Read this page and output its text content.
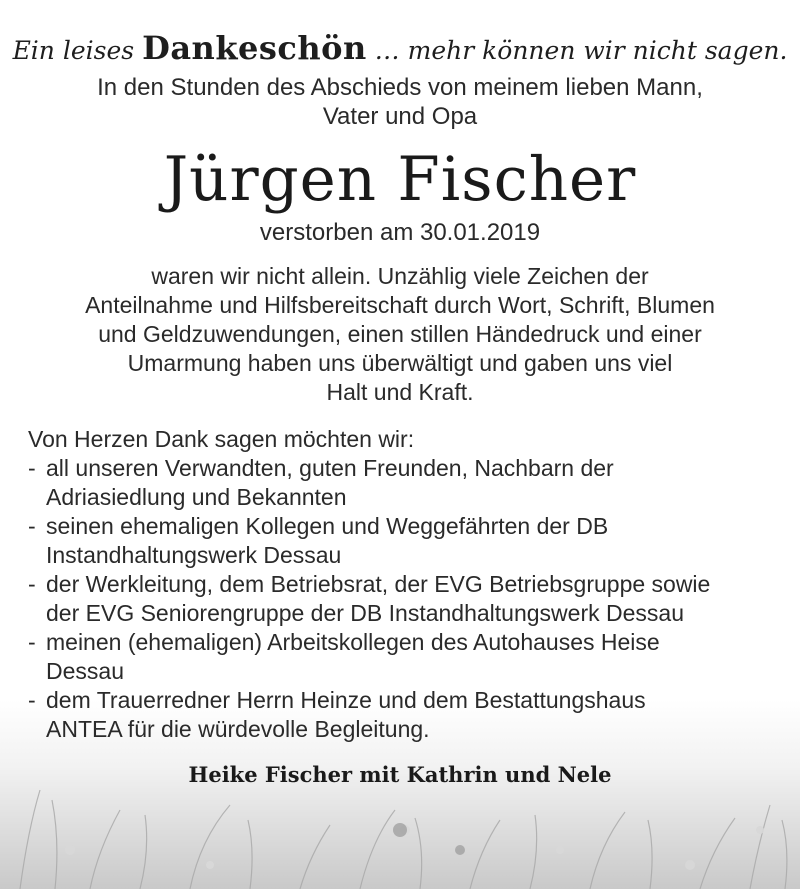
Ein leises Dankeschön … mehr können wir nicht sagen.
In den Stunden des Abschieds von meinem lieben Mann,
Vater und Opa
Jürgen Fischer
verstorben am 30.01.2019
waren wir nicht allein. Unzählig viele Zeichen der
Anteilnahme und Hilfsbereitschaft durch Wort, Schrift, Blumen
und Geldzuwendungen, einen stillen Händedruck und einer
Umarmung haben uns überwältigt und gaben uns viel
Halt und Kraft.
Von Herzen Dank sagen möchten wir:
- all unseren Verwandten, guten Freunden, Nachbarn der
Adriasiedlung und Bekannten
- seinen ehemaligen Kollegen und Weggefährten der DB
Instandhaltungswerk Dessau
- der Werkleitung, dem Betriebsrat, der EVG Betriebsgruppe sowie
der EVG Seniorengruppe der DB Instandhaltungswerk Dessau
- meinen (ehemaligen) Arbeitskollegen des Autohauses Heise
Dessau
- dem Trauerredner Herrn Heinze und dem Bestattungshaus
ANTEA für die würdevolle Begleitung.
Heike Fischer mit Kathrin und Nele
